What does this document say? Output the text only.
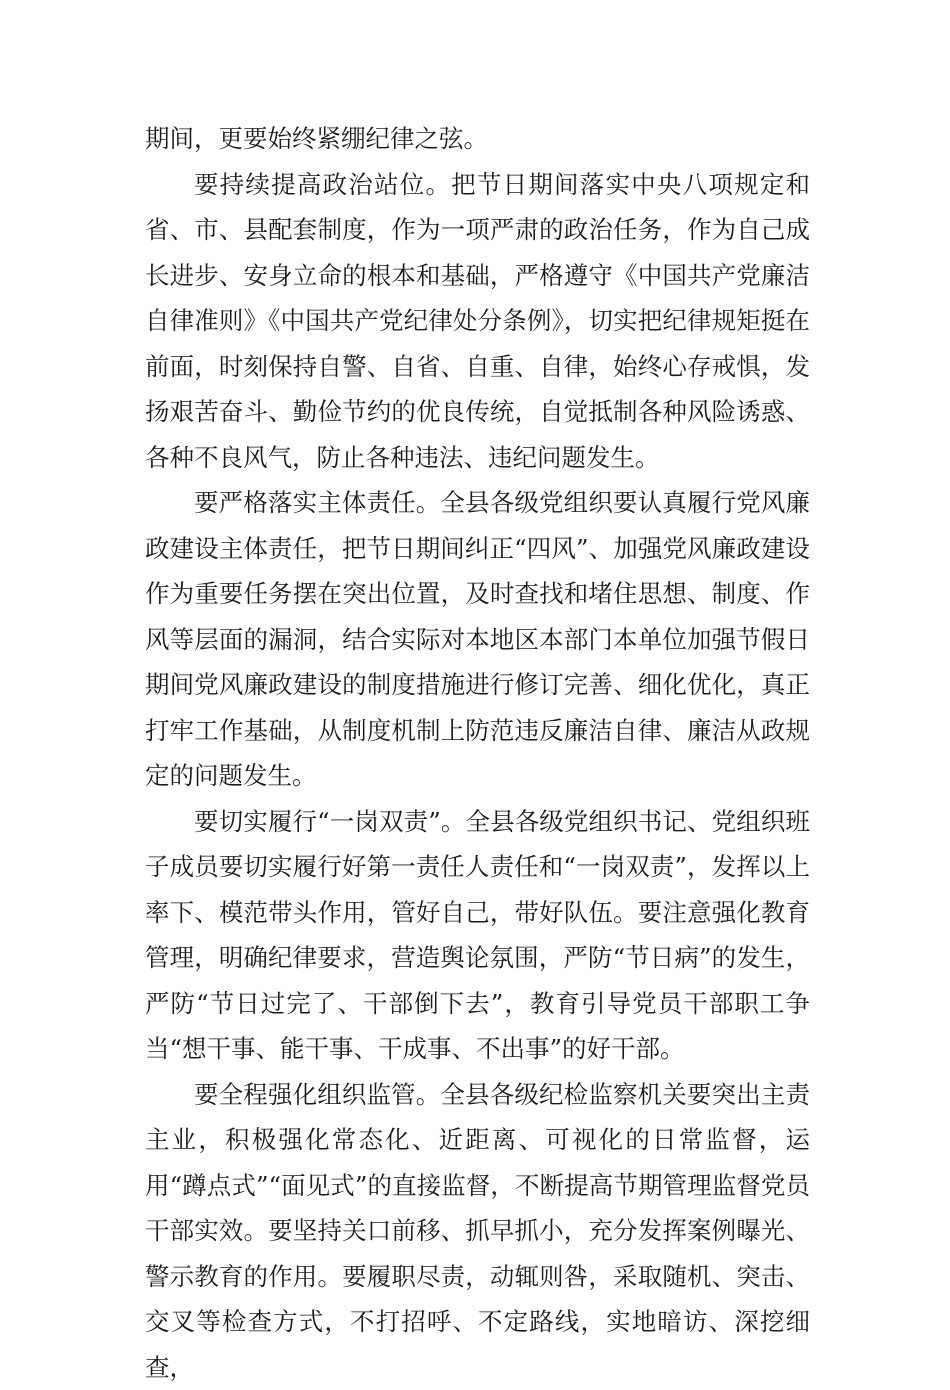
期间，更要始终紧绷纪律之弦。

要持续提高政治站位。把节日期间落实中央八项规定和省、市、县配套制度，作为一项严肃的政治任务，作为自己成长进步、安身立命的根本和基础，严格遵守《中国共产党廉洁自律准则》《中国共产党纪律处分条例》，切实把纪律规矩挺在前面，时刻保持自警、自省、自重、自律，始终心存戒惧，发扬艰苦奋斗、勤俭节约的优良传统，自觉抵制各种风险诱惑、各种不良风气，防止各种违法、违纪问题发生。

要严格落实主体责任。全县各级党组织要认真履行党风廉政建设主体责任，把节日期间纠正“四风”、加强党风廉政建设作为重要任务摆在突出位置，及时查找和堵住思想、制度、作风等层面的漏洞，结合实际对本地区本部门本单位加强节假日期间党风廉政建设的制度措施进行修订完善、细化优化，真正打牢工作基础，从制度机制上防范违反廉洁自律、廉洁从政规定的问题发生。

要切实履行“一岗双责”。全县各级党组织书记、党组织班子成员要切实履行好第一责任人责任和“一岗双责”，发挥以上率下、模范带头作用，管好自己，带好队伍。要注意强化教育管理，明确纪律要求，营造舆论氛围，严防“节日病”的发生，严防“节日过完了、干部倒下去”，教育引导党员干部职工争当“想干事、能干事、干成事、不出事”的好干部。

要全程强化组织监管。全县各级纪检监察机关要突出主责主业，积极强化常态化、近距离、可视化的日常监督，运用“蹲点式”“面见式”的直接监督，不断提高节期管理监督党员干部实效。要坚持关口前移、抓早抓小，充分发挥案例曝光、警示教育的作用。要履职尽责，动辄则咎，采取随机、突击、交叉等检查方式，不打招呼、不定路线，实地暗访、深挖细查，
